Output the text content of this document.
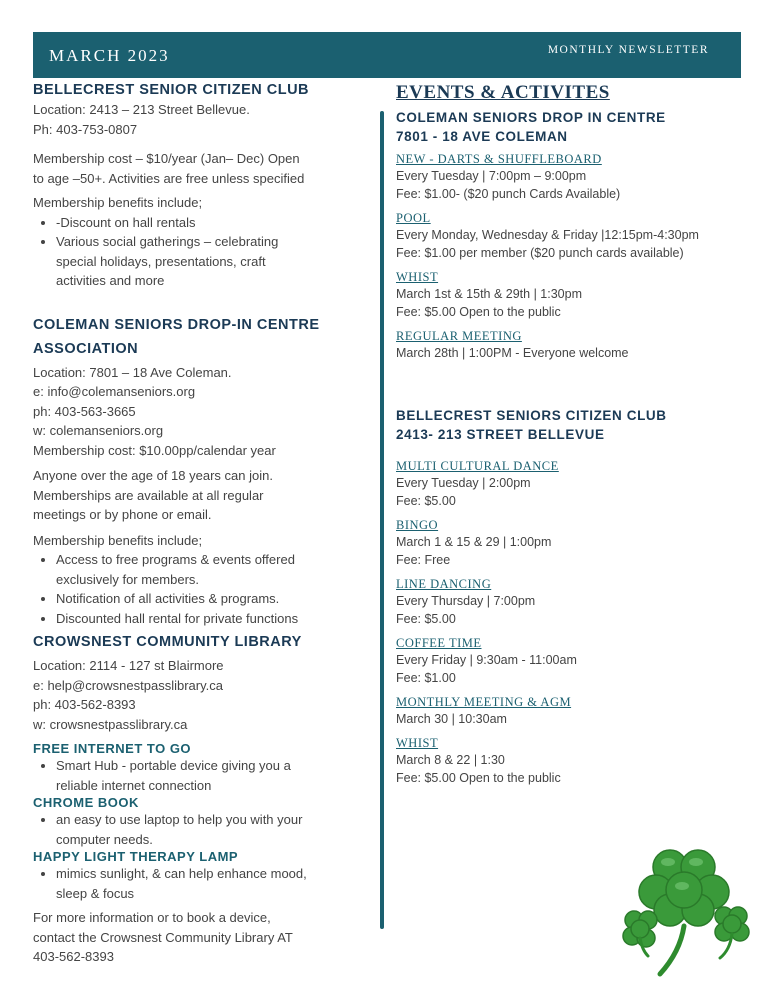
MARCH 2023	MONTHLY NEWSLETTER
BELLECREST SENIOR CITIZEN CLUB
Location: 2413 – 213 Street Bellevue.
Ph: 403-753-0807
Membership cost – $10/year (Jan– Dec) Open
to age –50+. Activities are free unless specified
Membership benefits include;
• -Discount on hall rentals
• Various social gatherings – celebrating
special holidays, presentations, craft
activities and more
COLEMAN SENIORS DROP-IN CENTRE
ASSOCIATION
Location: 7801 – 18 Ave Coleman.
e: info@colemanseniors.org
ph: 403-563-3665
w: colemanseniors.org
Membership cost: $10.00pp/calendar year
Anyone over the age of 18 years can join.
Memberships are available at all regular
meetings or by phone or email.
Membership benefits include;
• Access to free programs & events offered
exclusively for members.
• Notification of all activities & programs.
• Discounted hall rental for private functions
CROWSNEST COMMUNITY LIBRARY
Location: 2114 - 127 st Blairmore
e: help@crowsnestpasslibrary.ca
ph: 403-562-8393
w: crowsnestpasslibrary.ca
FREE INTERNET TO GO
• Smart Hub - portable device giving you a
reliable internet connection
CHROME BOOK
• an easy to use laptop to help you with your
computer needs.
HAPPY LIGHT THERAPY LAMP
• mimics sunlight, & can help enhance mood,
sleep & focus
For more information or to book a device,
contact the Crowsnest Community Library AT
403-562-8393
EVENTS & ACTIVITES
COLEMAN SENIORS DROP IN CENTRE
7801 - 18 AVE COLEMAN
NEW - DARTS & SHUFFLEBOARD
Every Tuesday | 7:00pm – 9:00pm
Fee: $1.00- ($20 punch Cards Available)
POOL
Every Monday, Wednesday & Friday |12:15pm-4:30pm
Fee: $1.00 per member ($20 punch cards available)
WHIST
March 1st & 15th & 29th | 1:30pm
Fee: $5.00 Open to the public
REGULAR MEETING
March 28th | 1:00PM - Everyone welcome
BELLECREST SENIORS CITIZEN CLUB
2413- 213 STREET BELLEVUE
MULTI CULTURAL DANCE
Every Tuesday | 2:00pm
Fee: $5.00
BINGO
March 1 & 15 & 29 | 1:00pm
Fee: Free
LINE DANCING
Every Thursday | 7:00pm
Fee: $5.00
COFFEE TIME
Every Friday | 9:30am - 11:00am
Fee: $1.00
MONTHLY MEETING & AGM
March 30 | 10:30am
WHIST
March 8 & 22 | 1:30
Fee: $5.00 Open to the public
